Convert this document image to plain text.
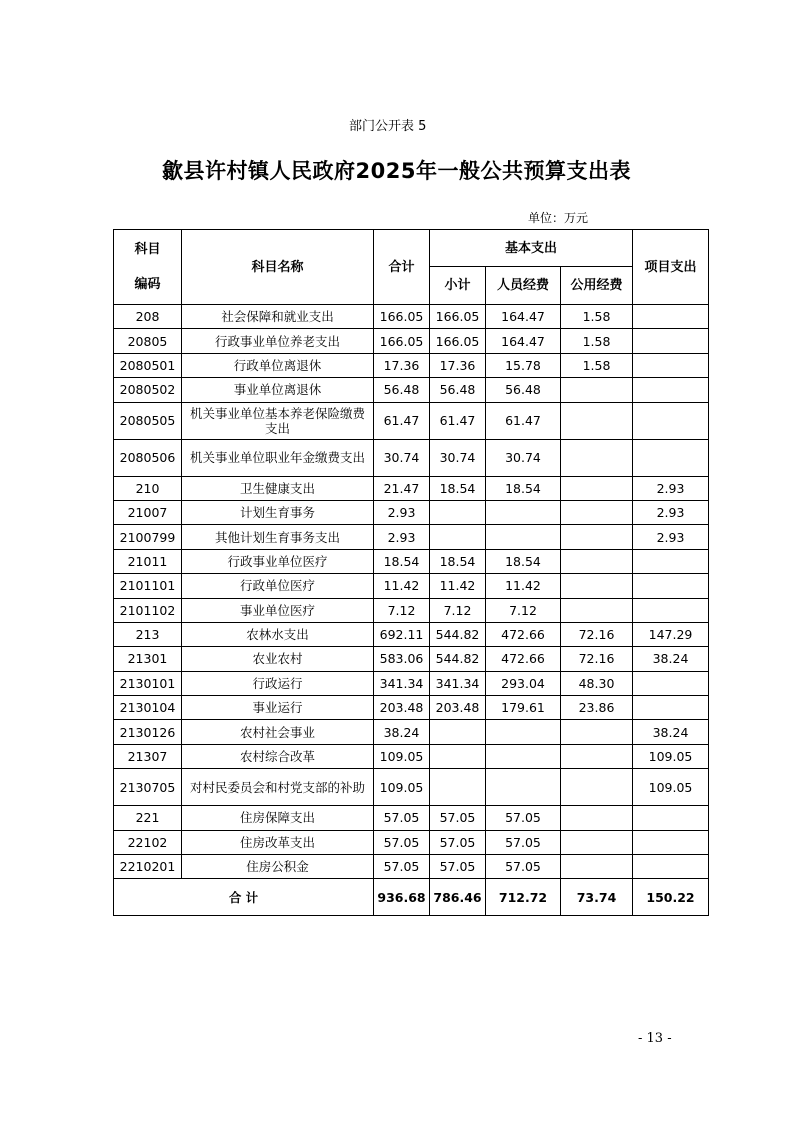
部门公开表 5
歙县许村镇人民政府2025年一般公共预算支出表
单位：万元
科目
编码	科目名称	合计	基本支出			项目支出
			小计	人员经费	公用经费	
208	社会保障和就业支出	166.05	166.05	164.47	1.58	
20805	行政事业单位养老支出	166.05	166.05	164.47	1.58	
2080501	行政单位离退休	17.36	17.36	15.78	1.58	
2080502	事业单位离退休	56.48	56.48	56.48		
2080505	机关事业单位基本养老保险缴费支出	61.47	61.47	61.47		
2080506	机关事业单位职业年金缴费支出	30.74	30.74	30.74		
210	卫生健康支出	21.47	18.54	18.54		2.93
21007	计划生育事务	2.93				2.93
2100799	其他计划生育事务支出	2.93				2.93
21011	行政事业单位医疗	18.54	18.54	18.54		
2101101	行政单位医疗	11.42	11.42	11.42		
2101102	事业单位医疗	7.12	7.12	7.12		
213	农林水支出	692.11	544.82	472.66	72.16	147.29
21301	农业农村	583.06	544.82	472.66	72.16	38.24
2130101	行政运行	341.34	341.34	293.04	48.30	
2130104	事业运行	203.48	203.48	179.61	23.86	
2130126	农村社会事业	38.24				38.24
21307	农村综合改革	109.05				109.05
2130705	对村民委员会和村党支部的补助	109.05				109.05
221	住房保障支出	57.05	57.05	57.05		
22102	住房改革支出	57.05	57.05	57.05		
2210201	住房公积金	57.05	57.05	57.05		
合 计		936.68	786.46	712.72	73.74	150.22
- 13 -
